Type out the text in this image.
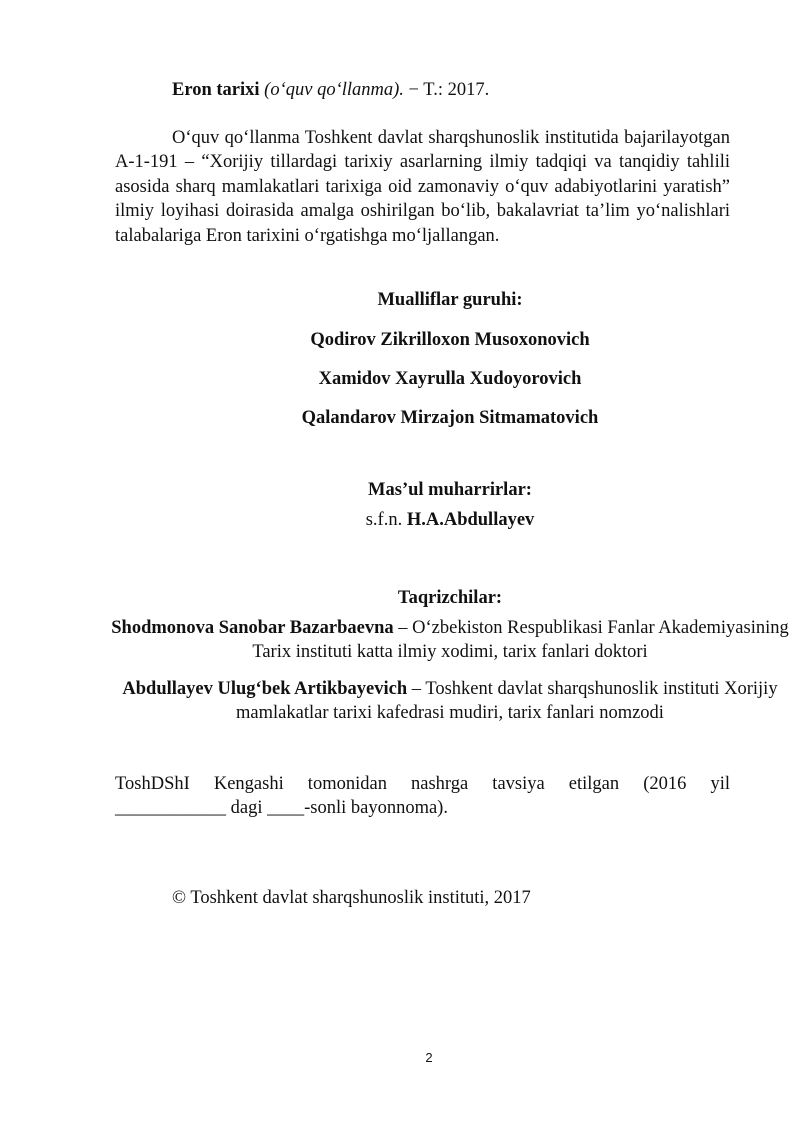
Eron tarixi (o‘quv qo‘llanma). − T.: 2017.

O‘quv qo‘llanma Toshkent davlat sharqshunoslik institutida bajarilayotgan A-1-191 – “Xorijiy tillardagi tarixiy asarlarning ilmiy tadqiqi va tanqidiy tahlili asosida sharq mamlakatlari tarixiga oid zamonaviy o‘quv adabiyotlarini yaratish” ilmiy loyihasi doirasida amalga oshirilgan bo‘lib, bakalavriat ta’lim yo‘nalishlari talabalariga Eron tarixini o‘rgatishga mo‘ljallangan.

Mualliflar guruhi:
Qodirov Zikrilloxon Musoxonovich
Xamidov Xayrulla Xudoyorovich
Qalandarov Mirzajon Sitmamatovich
Mas’ul muharrirlar:
s.f.n. H.A.Abdullayev
Taqrizchilar:
Shodmonova Sanobar Bazarbaevna – O‘zbekiston Respublikasi Fanlar Akademiyasining Tarix instituti katta ilmiy xodimi, tarix fanlari doktori
Abdullayev Ulug‘bek Artikbayevich – Toshkent davlat sharqshunoslik instituti Xorijiy mamlakatlar tarixi kafedrasi mudiri, tarix fanlari nomzodi

ToshDShI Kengashi tomonidan nashrga tavsiya etilgan (2016 yil
____________ dagi ____-sonli bayonnoma).

© Toshkent davlat sharqshunoslik instituti, 2017
2
